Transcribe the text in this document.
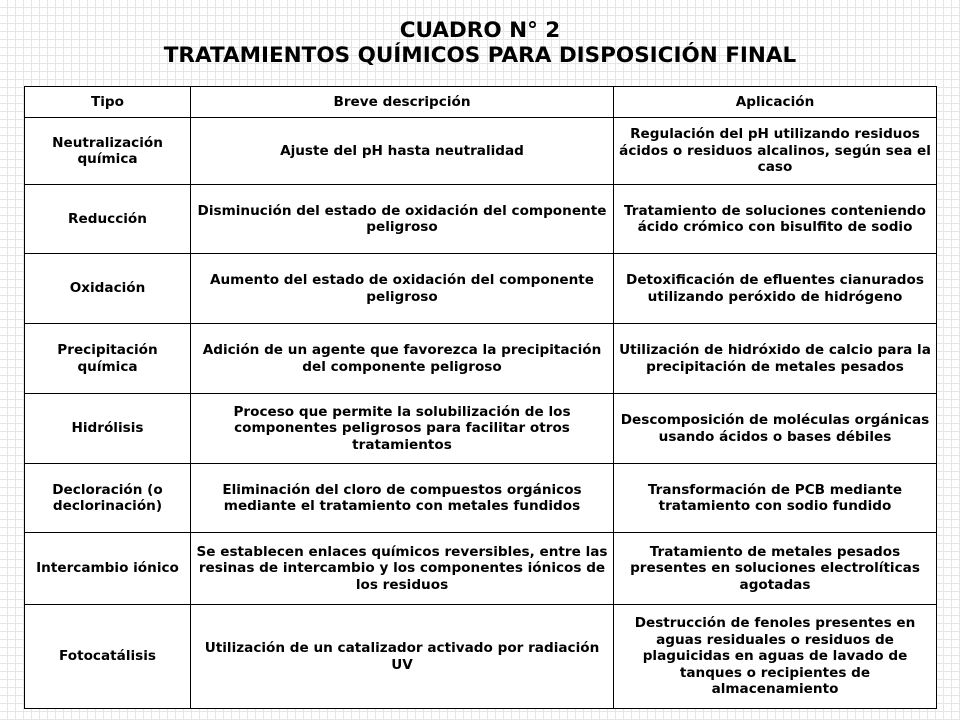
CUADRO N° 2
TRATAMIENTOS QUÍMICOS PARA DISPOSICIÓN FINAL
Tipo	Breve descripción	Aplicación
Neutralización química	Ajuste del pH hasta neutralidad	Regulación del pH utilizando residuos ácidos o residuos alcalinos, según sea el caso
Reducción	Disminución del estado de oxidación del componente peligroso	Tratamiento de soluciones conteniendo ácido crómico con bisulfito de sodio
Oxidación	Aumento del estado de oxidación del componente peligroso	Detoxificación de efluentes cianurados utilizando peróxido de hidrógeno
Precipitación química	Adición de un agente que favorezca la precipitación del componente peligroso	Utilización de hidróxido de calcio para la precipitación de metales pesados
Hidrólisis	Proceso que permite la solubilización de los componentes peligrosos para facilitar otros tratamientos	Descomposición de moléculas orgánicas usando ácidos o bases débiles
Decloración (o declorinación)	Eliminación del cloro de compuestos orgánicos mediante el tratamiento con metales fundidos	Transformación de PCB mediante tratamiento con sodio fundido
Intercambio iónico	Se establecen enlaces químicos reversibles, entre las resinas de intercambio y los componentes iónicos de los residuos	Tratamiento de metales pesados presentes en soluciones electrolíticas agotadas
Fotocatálisis	Utilización de un catalizador activado por radiación UV	Destrucción de fenoles presentes en aguas residuales o residuos de plaguicidas en aguas de lavado de tanques o recipientes de almacenamiento
